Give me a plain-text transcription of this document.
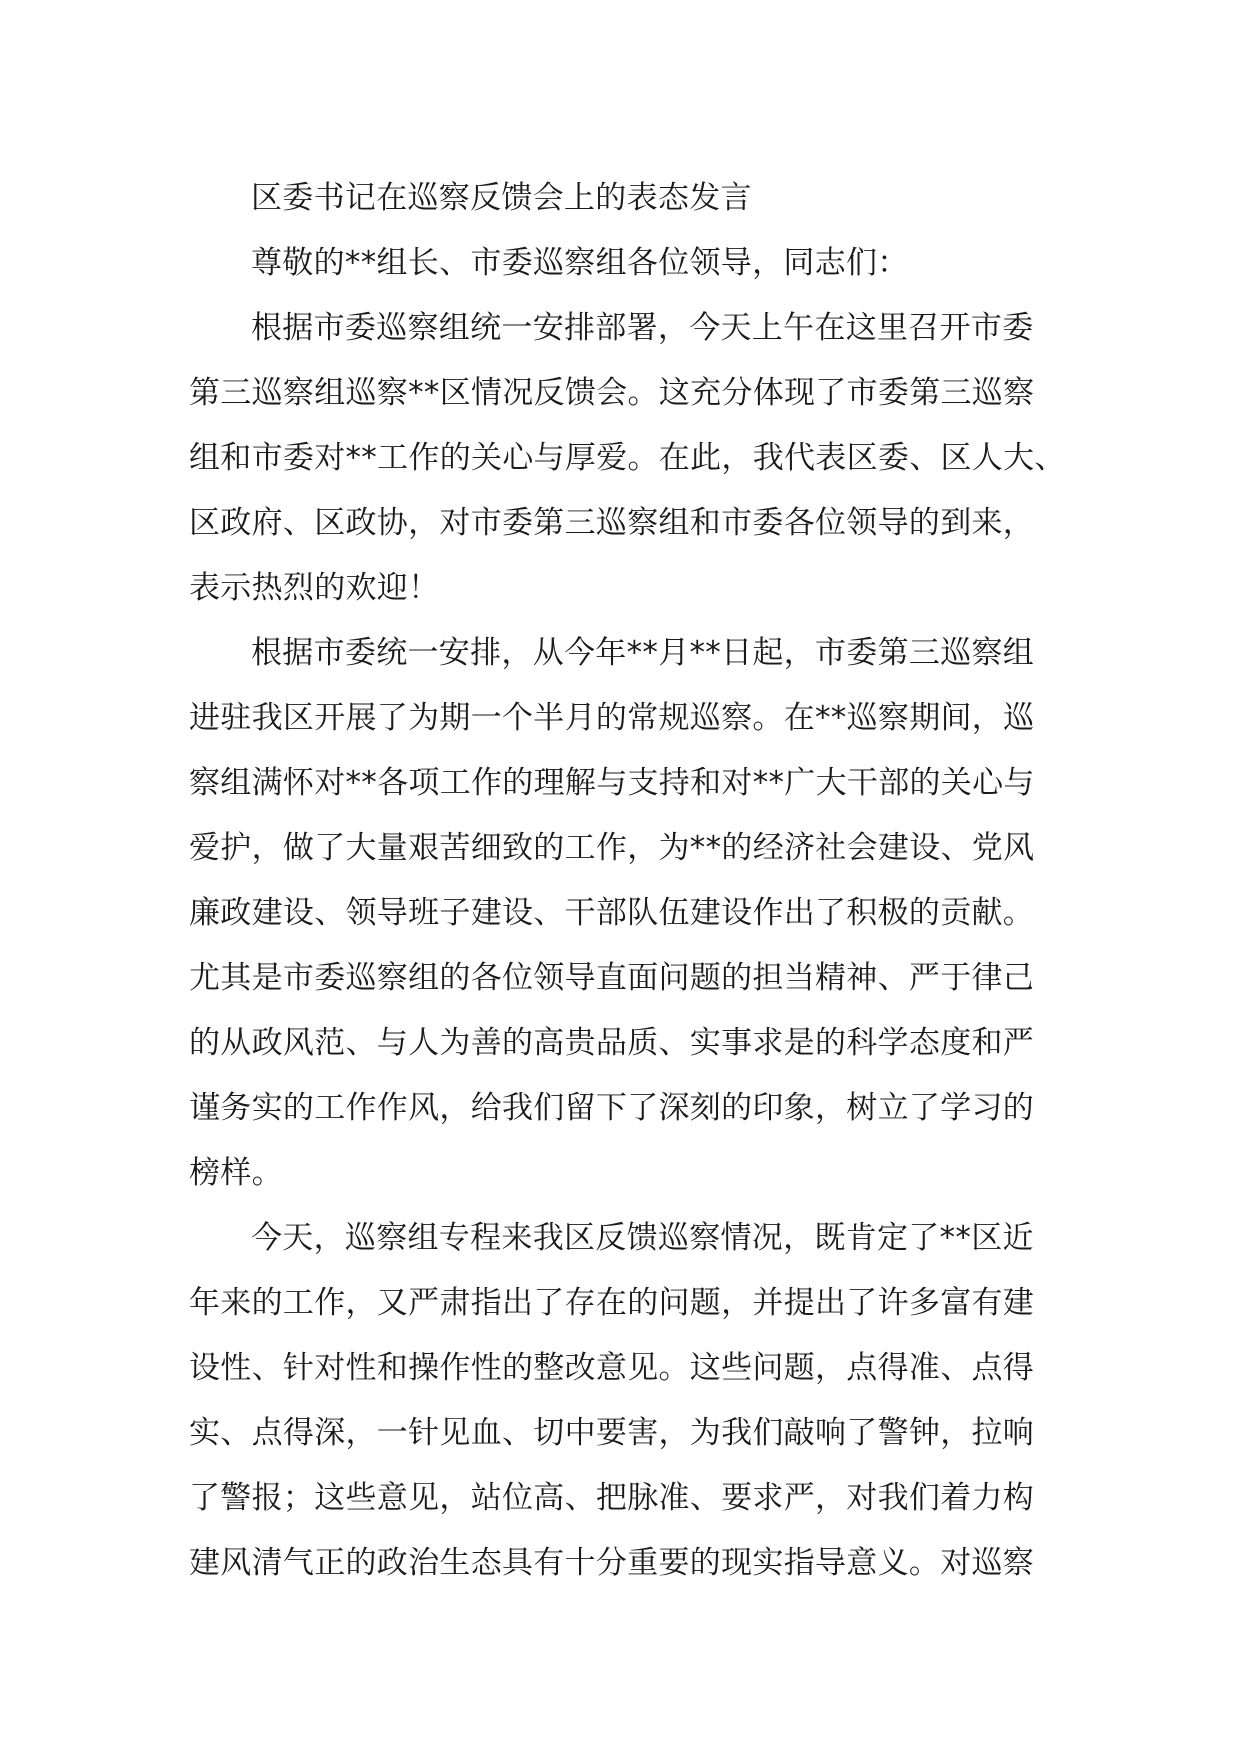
区委书记在巡察反馈会上的表态发言

尊敬的**组长、市委巡察组各位领导，同志们：

根据市委巡察组统一安排部署，今天上午在这里召开市委
第三巡察组巡察**区情况反馈会。这充分体现了市委第三巡察
组和市委对**工作的关心与厚爱。在此，我代表区委、区人大、
区政府、区政协，对市委第三巡察组和市委各位领导的到来，
表示热烈的欢迎！

根据市委统一安排，从今年**月**日起，市委第三巡察组
进驻我区开展了为期一个半月的常规巡察。在**巡察期间，巡
察组满怀对**各项工作的理解与支持和对**广大干部的关心与
爱护，做了大量艰苦细致的工作，为**的经济社会建设、党风
廉政建设、领导班子建设、干部队伍建设作出了积极的贡献。
尤其是市委巡察组的各位领导直面问题的担当精神、严于律己
的从政风范、与人为善的高贵品质、实事求是的科学态度和严
谨务实的工作作风，给我们留下了深刻的印象，树立了学习的
榜样。

今天，巡察组专程来我区反馈巡察情况，既肯定了**区近
年来的工作，又严肃指出了存在的问题，并提出了许多富有建
设性、针对性和操作性的整改意见。这些问题，点得准、点得
实、点得深，一针见血、切中要害，为我们敲响了警钟，拉响
了警报；这些意见，站位高、把脉准、要求严，对我们着力构
建风清气正的政治生态具有十分重要的现实指导意义。对巡察
